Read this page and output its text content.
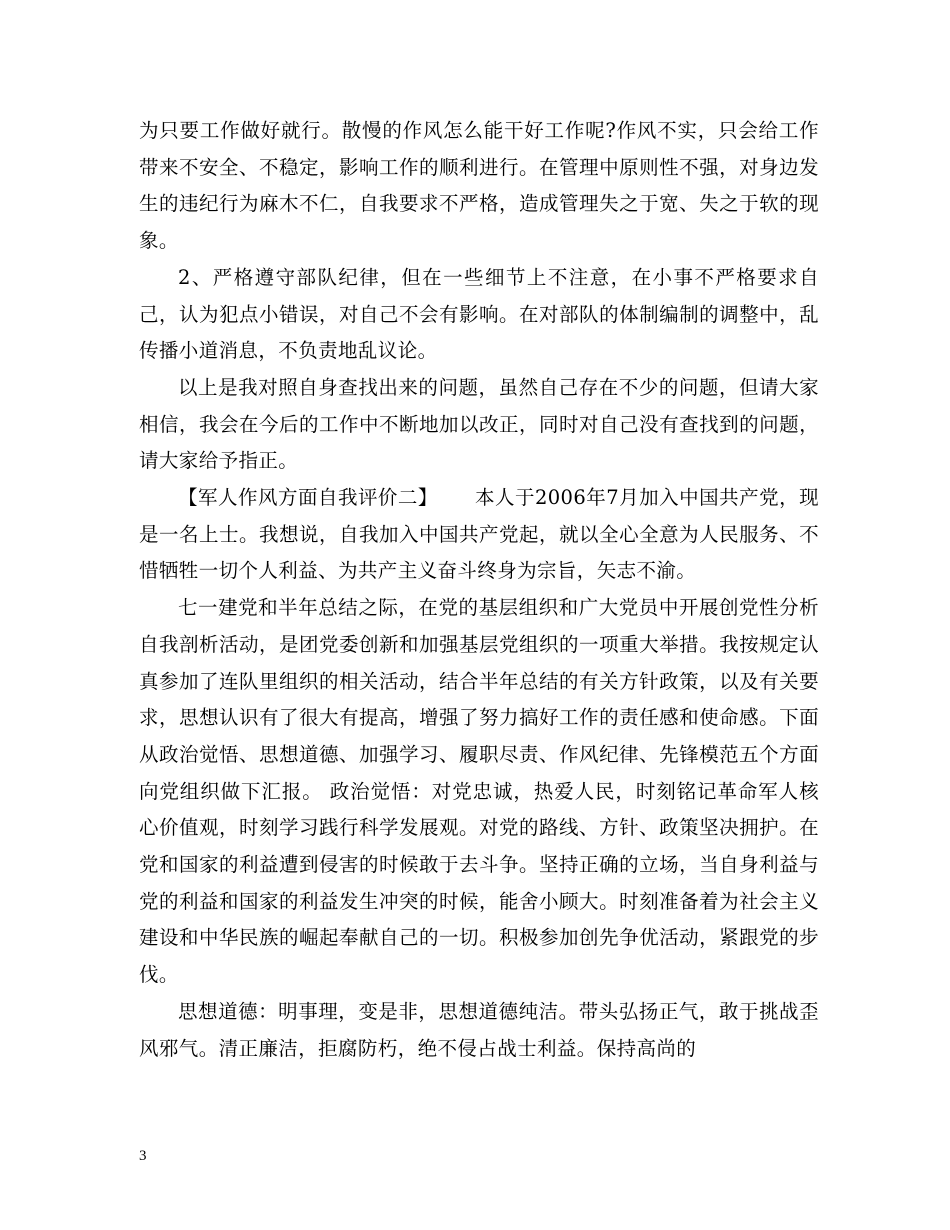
为只要工作做好就行。散慢的作风怎么能干好工作呢?作风不实，只会给工作带来不安全、不稳定，影响工作的顺利进行。在管理中原则性不强，对身边发生的违纪行为麻木不仁，自我要求不严格，造成管理失之于宽、失之于软的现象。

2、严格遵守部队纪律，但在一些细节上不注意，在小事不严格要求自己，认为犯点小错误，对自己不会有影响。在对部队的体制编制的调整中，乱传播小道消息，不负责地乱议论。

以上是我对照自身查找出来的问题，虽然自己存在不少的问题，但请大家相信，我会在今后的工作中不断地加以改正，同时对自己没有查找到的问题，请大家给予指正。

【军人作风方面自我评价二】 本人于2006年7月加入中国共产党，现是一名上士。我想说，自我加入中国共产党起，就以全心全意为人民服务、不惜牺牲一切个人利益、为共产主义奋斗终身为宗旨，矢志不渝。

七一建党和半年总结之际，在党的基层组织和广大党员中开展创党性分析自我剖析活动，是团党委创新和加强基层党组织的一项重大举措。我按规定认真参加了连队里组织的相关活动，结合半年总结的有关方针政策，以及有关要求，思想认识有了很大有提高，增强了努力搞好工作的责任感和使命感。下面从政治觉悟、思想道德、加强学习、履职尽责、作风纪律、先锋模范五个方面向党组织做下汇报。 政治觉悟：对党忠诚，热爱人民，时刻铭记革命军人核心价值观，时刻学习践行科学发展观。对党的路线、方针、政策坚决拥护。在党和国家的利益遭到侵害的时候敢于去斗争。坚持正确的立场，当自身利益与党的利益和国家的利益发生冲突的时候，能舍小顾大。时刻准备着为社会主义建设和中华民族的崛起奉献自己的一切。积极参加创先争优活动，紧跟党的步伐。

思想道德：明事理，变是非，思想道德纯洁。带头弘扬正气，敢于挑战歪风邪气。清正廉洁，拒腐防朽，绝不侵占战士利益。保持高尚的

3
